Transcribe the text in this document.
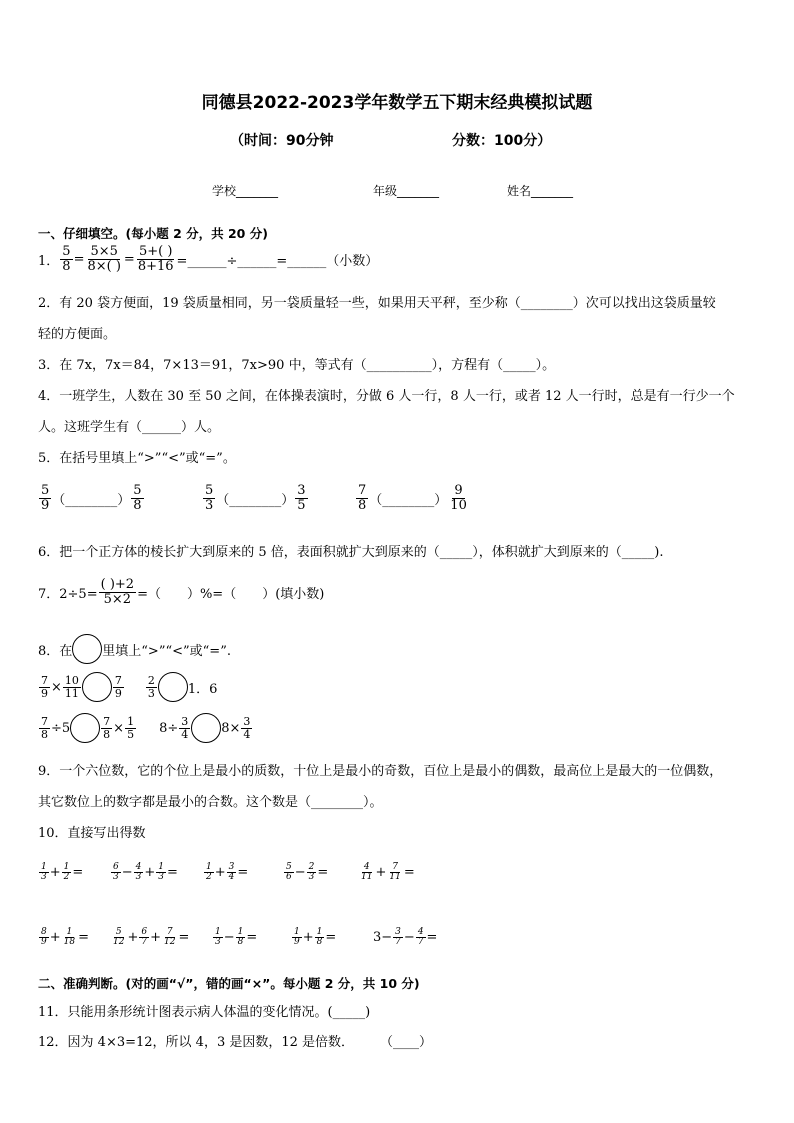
同德县2022-2023学年数学五下期末经典模拟试题
（时间：90分钟	分数：100分）
学校_______	年级_______	姓名_______
一、仔细填空。(每小题 2 分，共 20 分)
1． $\frac{5}{8} = \frac{5\times 5}{8\times( )} = \frac{5+( )}{8+16}$ =______÷______=______（小数）
2．有 20 袋方便面，19 袋质量相同，另一袋质量轻一些，如果用天平秤，至少称（________）次可以找出这袋质量较
轻的方便面。
3．在 7x，7x＝84，7×13＝91，7x>90 中，等式有（__________），方程有（_____）。
4．一班学生，人数在 30 至 50 之间，在体操表演时，分做 6 人一行，8 人一行，或者 12 人一行时，总是有一行少一个
人。这班学生有（______）人。
5．在括号里填上“>”“<”或“=”。
$\frac{5}{9}$ （________） $\frac{5}{8}$	$\frac{5}{3}$ （________） $\frac{3}{5}$	$\frac{7}{8}$ （________） $\frac{9}{10}$
6．把一个正方体的棱长扩大到原来的 5 倍，表面积就扩大到原来的（_____），体积就扩大到原来的（_____).
7．$2\div 5= \frac{( )+2}{5\times 2}$ =（　　）%=（　　）(填小数)
8．在 里填上“>”“<”或“=”.
$\frac{7}{9} \times \frac{10}{11}$	$\frac{7}{9} \frac{2}{3} 1$．6
$\frac{7}{8} \div 5$	$\frac{7}{8} \times \frac{1}{5} 8\div \frac{3}{4} 8\times \frac{3}{4}$
9．一个六位数，它的个位上是最小的质数，十位上是最小的奇数，百位上是最小的偶数，最高位上是最大的一位偶数，
其它数位上的数字都是最小的合数。这个数是（________）。
10．直接写出得数
$\frac{1}{3} + \frac{1}{2}$ =	$\frac{6}{3} - \frac{4}{3} + \frac{1}{3}$ =	$\frac{1}{2} + \frac{3}{4}$ =	$\frac{5}{6} - \frac{2}{3}$ =	$\frac{4}{11} + \frac{7}{11}$ =
$\frac{8}{9} + \frac{1}{18} = \frac{5}{12} + \frac{6}{7} + \frac{7}{12}$ =	$\frac{1}{3} - \frac{1}{8}$ =	$\frac{1}{9} + \frac{1}{8}$ =	$3- \frac{3}{7} - \frac{4}{7}$ =
二、准确判断。(对的画“√”，错的画“×”。每小题 2 分，共 10 分)
11．只能用条形统计图表示病人体温的变化情况。(_____)
12．因为 4×3=12，所以 4，3 是因数，12 是倍数．　　　（____）
